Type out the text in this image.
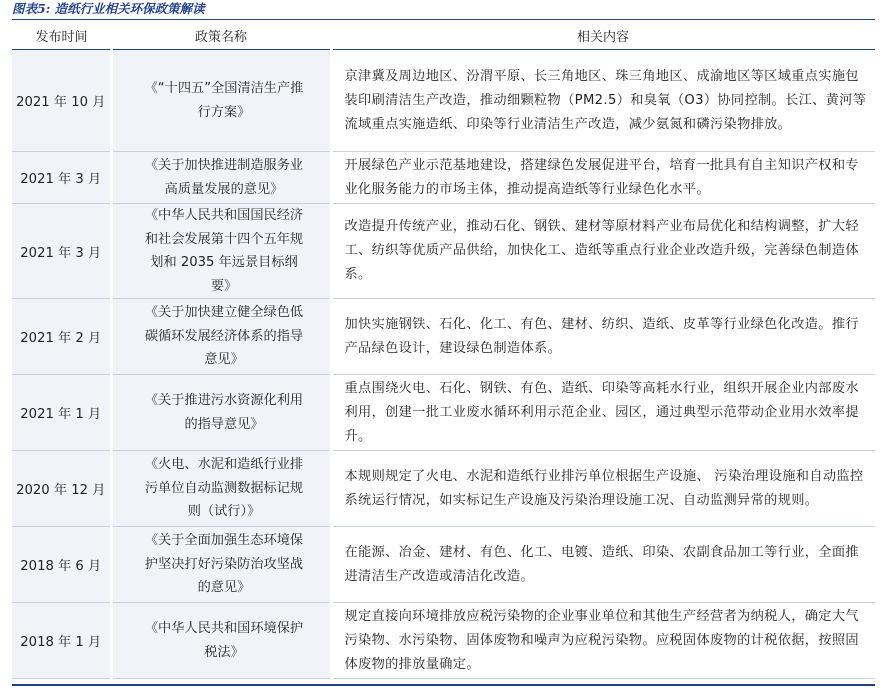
图表5: 造纸行业相关环保政策解读
发布时间	政策名称	相关内容
2021 年 10 月	《“十四五”全国清洁生产推行方案》	京津冀及周边地区、汾渭平原、长三角地区、珠三角地区、成渝地区等区域重点实施包装印刷清洁生产改造，推动细颗粒物（PM2.5）和臭氧（O3）协同控制。长江、黄河等流域重点实施造纸、印染等行业清洁生产改造，减少氨氮和磷污染物排放。
2021 年 3 月	《关于加快推进制造服务业高质量发展的意见》	开展绿色产业示范基地建设，搭建绿色发展促进平台，培育一批具有自主知识产权和专业化服务能力的市场主体，推动提高造纸等行业绿色化水平。
2021 年 3 月	《中华人民共和国国民经济和社会发展第十四个五年规划和 2035 年远景目标纲要》	改造提升传统产业，推动石化、钢铁、建材等原材料产业布局优化和结构调整，扩大轻工、纺织等优质产品供给，加快化工、造纸等重点行业企业改造升级，完善绿色制造体系。
2021 年 2 月	《关于加快建立健全绿色低碳循环发展经济体系的指导意见》	加快实施钢铁、石化、化工、有色、建材、纺织、造纸、皮革等行业绿色化改造。推行产品绿色设计，建设绿色制造体系。
2021 年 1 月	《关于推进污水资源化利用的指导意见》	重点围绕火电、石化、钢铁、有色、造纸、印染等高耗水行业，组织开展企业内部废水利用，创建一批工业废水循环利用示范企业、园区，通过典型示范带动企业用水效率提升。
2020 年 12 月	《火电、水泥和造纸行业排污单位自动监测数据标记规则（试行）》	本规则规定了火电、水泥和造纸行业排污单位根据生产设施、 污染治理设施和自动监控系统运行情况，如实标记生产设施及污染治理设施工况、自动监测异常的规则。
2018 年 6 月	《关于全面加强生态环境保护坚决打好污染防治攻坚战的意见》	在能源、冶金、建材、有色、化工、电镀、造纸、印染、农副食品加工等行业，全面推进清洁生产改造或清洁化改造。
2018 年 1 月	《中华人民共和国环境保护税法》	规定直接向环境排放应税污染物的企业事业单位和其他生产经营者为纳税人，确定大气污染物、水污染物、固体废物和噪声为应税污染物。应税固体废物的计税依据，按照固体废物的排放量确定。
